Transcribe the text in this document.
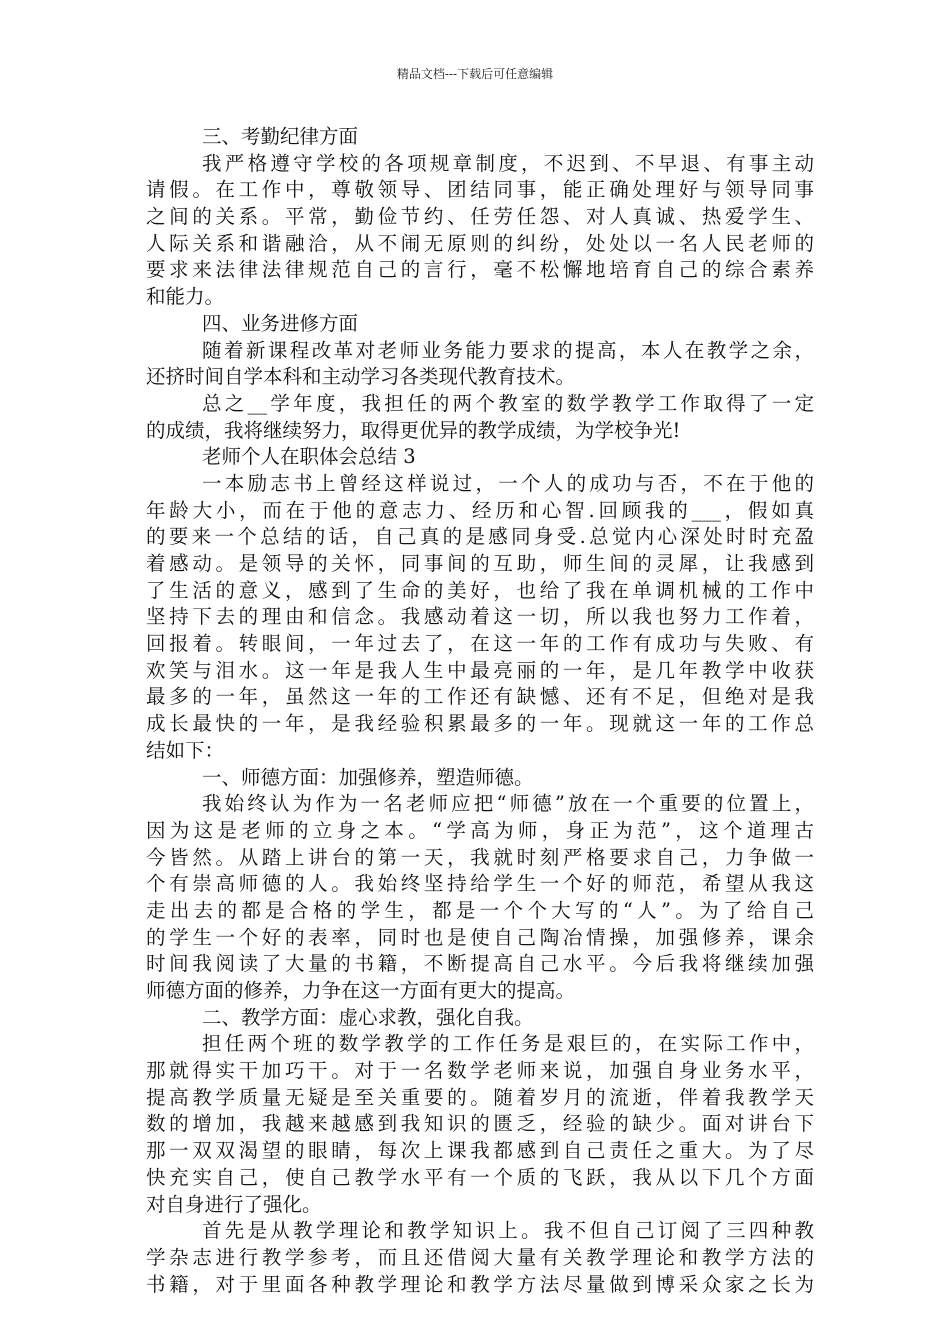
精品文档---下载后可任意编辑
三、考勤纪律方面
我严格遵守学校的各项规章制度，不迟到、不早退、有事主动
请假。在工作中，尊敬领导、团结同事，能正确处理好与领导同事
之间的关系。平常，勤俭节约、任劳任怨、对人真诚、热爱学生、
人际关系和谐融洽，从不闹无原则的纠纷，处处以一名人民老师的
要求来法律法律规范自己的言行，毫不松懈地培育自己的综合素养
和能力。
四、业务进修方面
随着新课程改革对老师业务能力要求的提高，本人在教学之余，
还挤时间自学本科和主动学习各类现代教育技术。
总之__学年度，我担任的两个教室的数学教学工作取得了一定
的成绩，我将继续努力，取得更优异的教学成绩，为学校争光!
老师个人在职体会总结 3
一本励志书上曾经这样说过，一个人的成功与否，不在于他的
年龄大小，而在于他的意志力、经历和心智.回顾我的___，假如真
的要来一个总结的话，自己真的是感同身受.总觉内心深处时时充盈
着感动。是领导的关怀，同事间的互助，师生间的灵犀，让我感到
了生活的意义，感到了生命的美好，也给了我在单调机械的工作中
坚持下去的理由和信念。我感动着这一切，所以我也努力工作着，
回报着。转眼间，一年过去了，在这一年的工作有成功与失败、有
欢笑与泪水。这一年是我人生中最亮丽的一年，是几年教学中收获
最多的一年，虽然这一年的工作还有缺憾、还有不足，但绝对是我
成长最快的一年，是我经验积累最多的一年。现就这一年的工作总
结如下：
一、师德方面：加强修养，塑造师德。
我始终认为作为一名老师应把“师德”放在一个重要的位置上，
因为这是老师的立身之本。“学高为师，身正为范”，这个道理古
今皆然。从踏上讲台的第一天，我就时刻严格要求自己，力争做一
个有崇高师德的人。我始终坚持给学生一个好的师范，希望从我这
走出去的都是合格的学生，都是一个个大写的“人”。为了给自己
的学生一个好的表率，同时也是使自己陶冶情操，加强修养，课余
时间我阅读了大量的书籍，不断提高自己水平。今后我将继续加强
师德方面的修养，力争在这一方面有更大的提高。
二、教学方面：虚心求教，强化自我。
担任两个班的数学教学的工作任务是艰巨的，在实际工作中，
那就得实干加巧干。对于一名数学老师来说，加强自身业务水平，
提高教学质量无疑是至关重要的。随着岁月的流逝，伴着我教学天
数的增加，我越来越感到我知识的匮乏，经验的缺少。面对讲台下
那一双双渴望的眼睛，每次上课我都感到自己责任之重大。为了尽
快充实自己，使自己教学水平有一个质的飞跃，我从以下几个方面
对自身进行了强化。
首先是从教学理论和教学知识上。我不但自己订阅了三四种教
学杂志进行教学参考，而且还借阅大量有关教学理论和教学方法的
书籍，对于里面各种教学理论和教学方法尽量做到博采众家之长为
